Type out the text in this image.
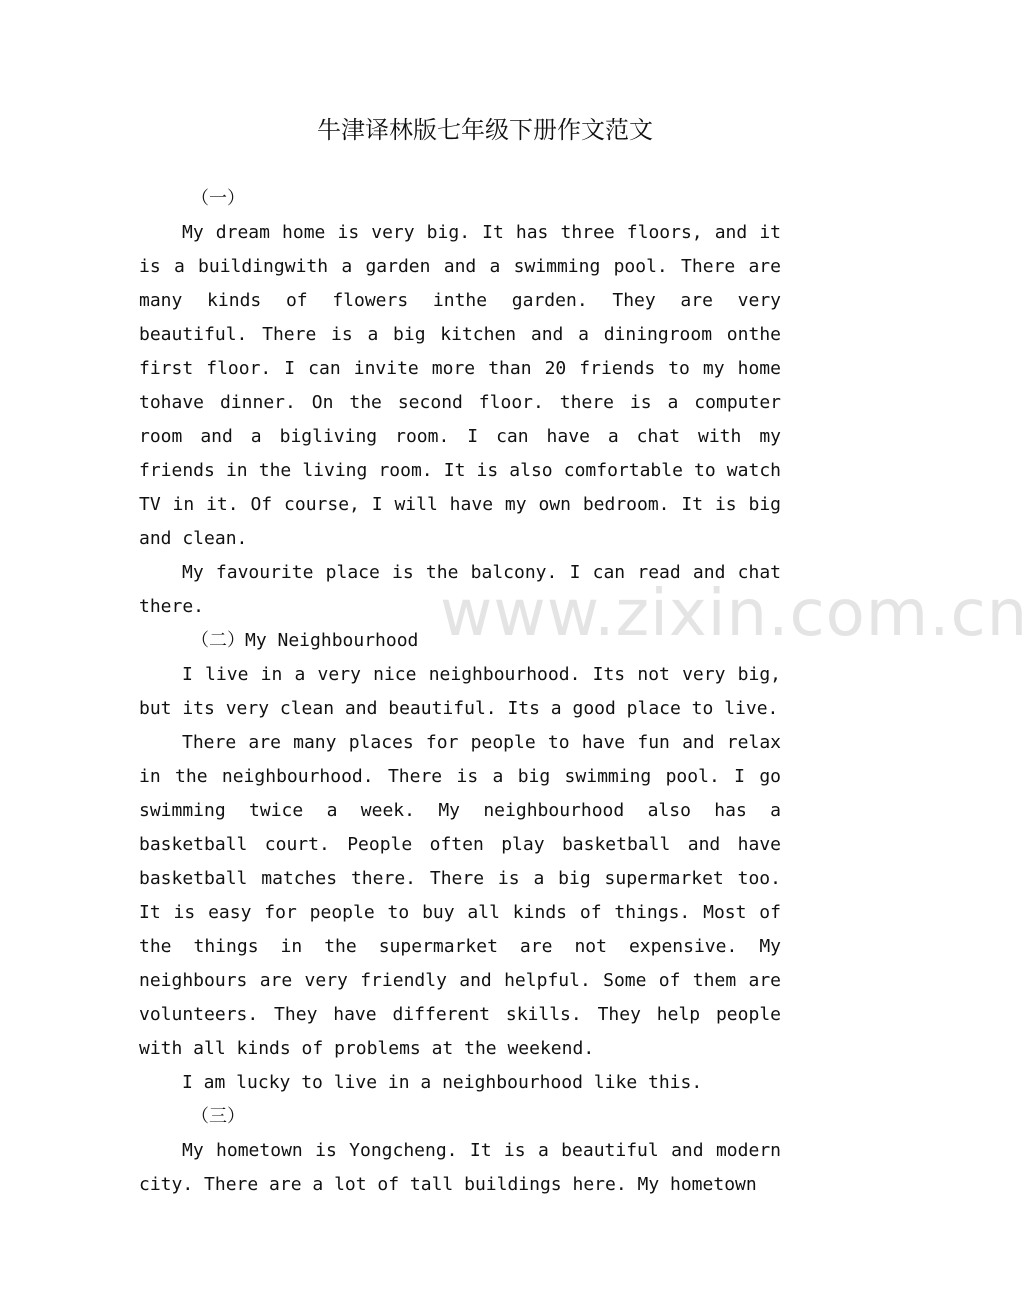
牛津译林版七年级下册作文范文

（一）

My dream home is very big. It has three floors, and it is a buildingwith a garden and a swimming pool. There are many kinds of flowers inthe garden. They are very beautiful. There is a big kitchen and a diningroom onthe first floor. I can invite more than 20 friends to my home tohave dinner. On the second floor. there is a computer room and a bigliving room. I can have a chat with my friends in the living room. It is also comfortable to watch TV in it. Of course, I will have my own bedroom. It is big and clean.

My favourite place is the balcony. I can read and chat there.

（二）My Neighbourhood

I live in a very nice neighbourhood. Its not very big, but its very clean and beautiful. Its a good place to live.

There are many places for people to have fun and relax in the neighbourhood. There is a big swimming pool. I go swimming twice a week. My neighbourhood also has a basketball court. People often play basketball and have basketball matches there. There is a big supermarket too. It is easy for people to buy all kinds of things. Most of the things in the supermarket are not expensive. My neighbours are very friendly and helpful. Some of them are volunteers. They have different skills. They help people with all kinds of problems at the weekend.

I am lucky to live in a neighbourhood like this.

（三）

My hometown is Yongcheng. It is a beautiful and modern city. There are a lot of tall buildings here. My hometown

www.zixin.com.cn
